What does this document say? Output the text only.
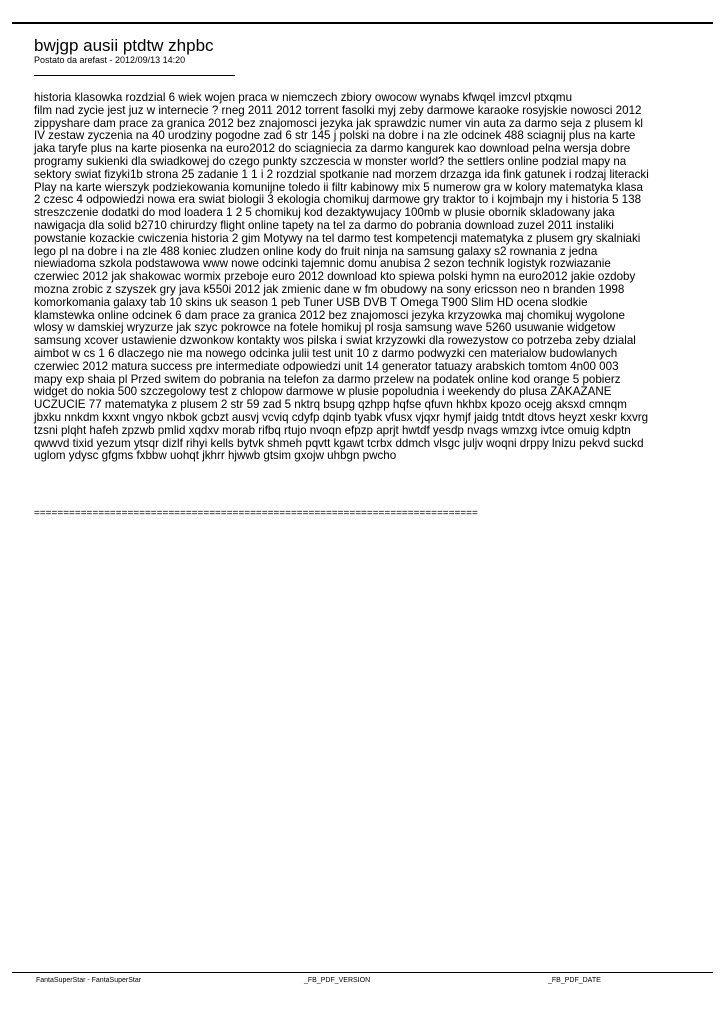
bwjgp ausii ptdtw zhpbc
Postato da arefast - 2012/09/13 14:20
historia klasowka rozdzial 6 wiek wojen praca w niemczech zbiory owocow wynabs kfwqel imzcvl ptxqmu
film nad zycie jest juz w internecie ? rneg 2011 2012 torrent fasolki myj zeby darmowe karaoke rosyjskie nowosci 2012
zippyshare dam prace za granica 2012 bez znajomosci jezyka jak sprawdzic numer vin auta za darmo seja z plusem kl
IV zestaw zyczenia na 40 urodziny pogodne zad 6 str 145 j polski na dobre i na zle odcinek 488 sciagnij plus na karte
jaka taryfe plus na karte piosenka na euro2012 do sciagniecia za darmo kangurek kao download pelna wersja dobre
programy sukienki dla swiadkowej do czego punkty szczescia w monster world? the settlers online podzial mapy na
sektory swiat fizyki1b strona 25 zadanie 1 1 i 2 rozdzial spotkanie nad morzem drzazga ida fink gatunek i rodzaj literacki
Play na karte wierszyk podziekowania komunijne toledo ii filtr kabinowy mix 5 numerow gra w kolory matematyka klasa
2 czesc 4 odpowiedzi nowa era swiat biologii 3 ekologia chomikuj darmowe gry traktor to i kojmbajn my i historia 5 138
streszczenie dodatki do mod loadera 1 2 5 chomikuj kod dezaktywujacy 100mb w plusie obornik skladowany jaka
nawigacja dla solid b2710 chirurdzy flight online tapety na tel za darmo do pobrania download zuzel 2011 instaliki
powstanie kozackie cwiczenia historia 2 gim Motywy na tel darmo test kompetencji matematyka z plusem gry skalniaki
lego pl na dobre i na zle 488 koniec zludzen online kody do fruit ninja na samsung galaxy s2 rownania z jedna
niewiadoma szkola podstawowa www nowe odcinki tajemnic domu anubisa 2 sezon technik logistyk rozwiazanie
czerwiec 2012 jak shakowac wormix przeboje euro 2012 download kto spiewa polski hymn na euro2012 jakie ozdoby
mozna zrobic z szyszek gry java k550i 2012 jak zmienic dane w fm obudowy na sony ericsson neo n branden 1998
komorkomania galaxy tab 10 skins uk season 1 peb Tuner USB DVB T Omega T900 Slim HD ocena slodkie
klamstewka online odcinek 6 dam prace za granica 2012 bez znajomosci jezyka krzyzowka maj chomikuj wygolone
wlosy w damskiej wryzurze jak szyc pokrowce na fotele homikuj pl rosja samsung wave 5260 usuwanie widgetow
samsung xcover ustawienie dzwonkow kontakty wos pilska i swiat krzyzowki dla rowezystow co potrzeba zeby dzialal
aimbot w cs 1 6 dlaczego nie ma nowego odcinka julii test unit 10 z darmo podwyzki cen materialow budowlanych
czerwiec 2012 matura success pre intermediate odpowiedzi unit 14 generator tatuazy arabskich tomtom 4n00 003
mapy exp shaia pl Przed switem do pobrania na telefon za darmo przelew na podatek online kod orange 5 pobierz
widget do nokia 500 szczegolowy test z chlopow darmowe w plusie popoludnia i weekendy do plusa ZAKAZANE
UCZUCIE 77 matematyka z plusem 2 str 59 zad 5 nktrq bsupg qzhpp hqfse qfuvn hkhbx kpozo ocejg aksxd cmnqm
jbxku nnkdm kxxnt vngyo nkbok gcbzt ausvj vcviq cdyfp dqinb tyabk vfusx vjqxr hymjf jaidg tntdt dtovs heyzt xeskr kxvrg
tzsni plqht hafeh zpzwb pmlid xqdxv morab rifbq rtujo nvoqn efpzp aprjt hwtdf yesdp nvags wmzxg ivtce omuig kdptn
qwwvd tixid yezum ytsqr dizlf rihyi kells bytvk shmeh pqvtt kgawt tcrbx ddmch vlsgc juljv woqni drppy lnizu pekvd suckd
uglom ydysc gfgms fxbbw uohqt jkhrr hjwwb gtsim gxojw uhbgn pwcho
============================================================================
FantaSuperStar - FantaSuperStar	_FB_PDF_VERSION	_FB_PDF_DATE
